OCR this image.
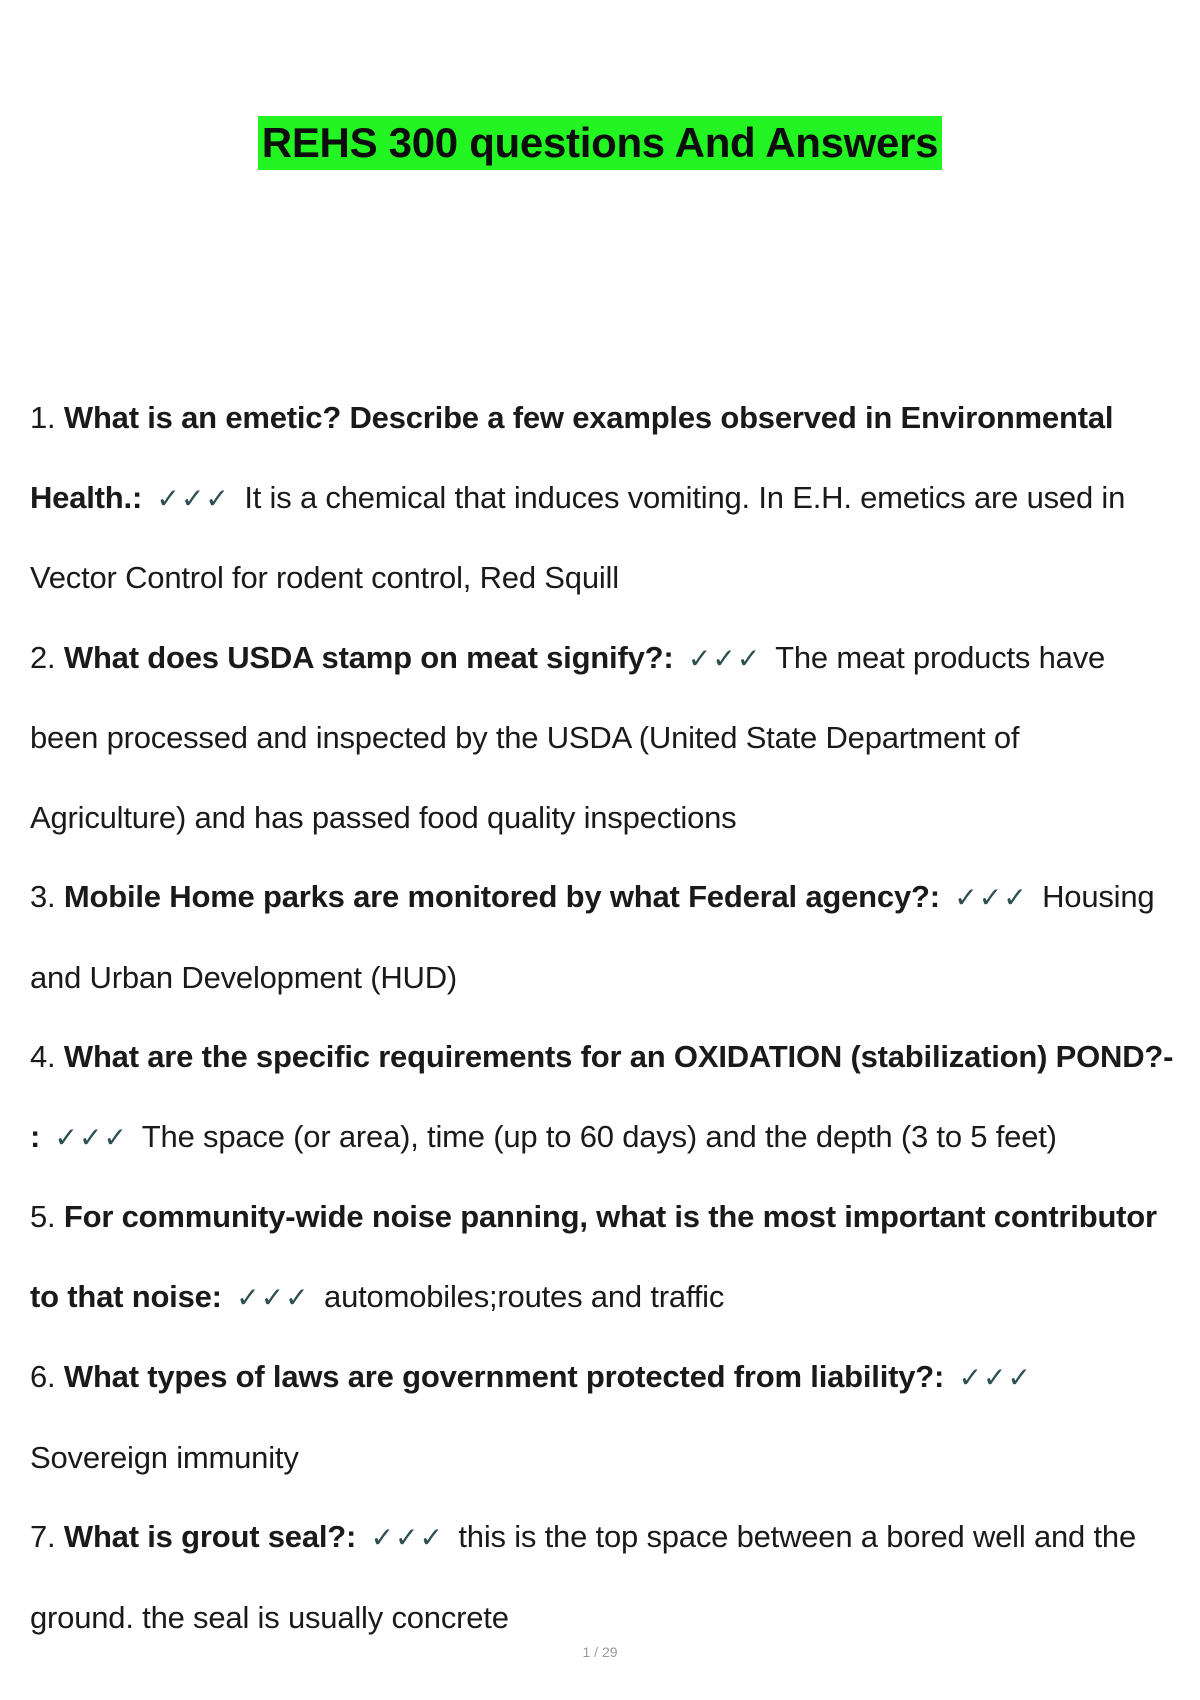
REHS 300 questions And Answers

1. What is an emetic? Describe a few examples observed in Environmental Health.: ✓✓✓ It is a chemical that induces vomiting. In E.H. emetics are used in Vector Control for rodent control, Red Squill

2. What does USDA stamp on meat signify?: ✓✓✓ The meat products have been processed and inspected by the USDA (United State Department of Agriculture) and has passed food quality inspections

3. Mobile Home parks are monitored by what Federal agency?: ✓✓✓ Housing and Urban Development (HUD)

4. What are the specific requirements for an OXIDATION (stabilization) POND?- : ✓✓✓ The space (or area), time (up to 60 days) and the depth (3 to 5 feet)

5. For community-wide noise panning, what is the most important contributor to that noise: ✓✓✓ automobiles;routes and traffic

6. What types of laws are government protected from liability?: ✓✓✓ Sovereign immunity

7. What is grout seal?: ✓✓✓ this is the top space between a bored well and the ground. the seal is usually concrete

1 / 29
